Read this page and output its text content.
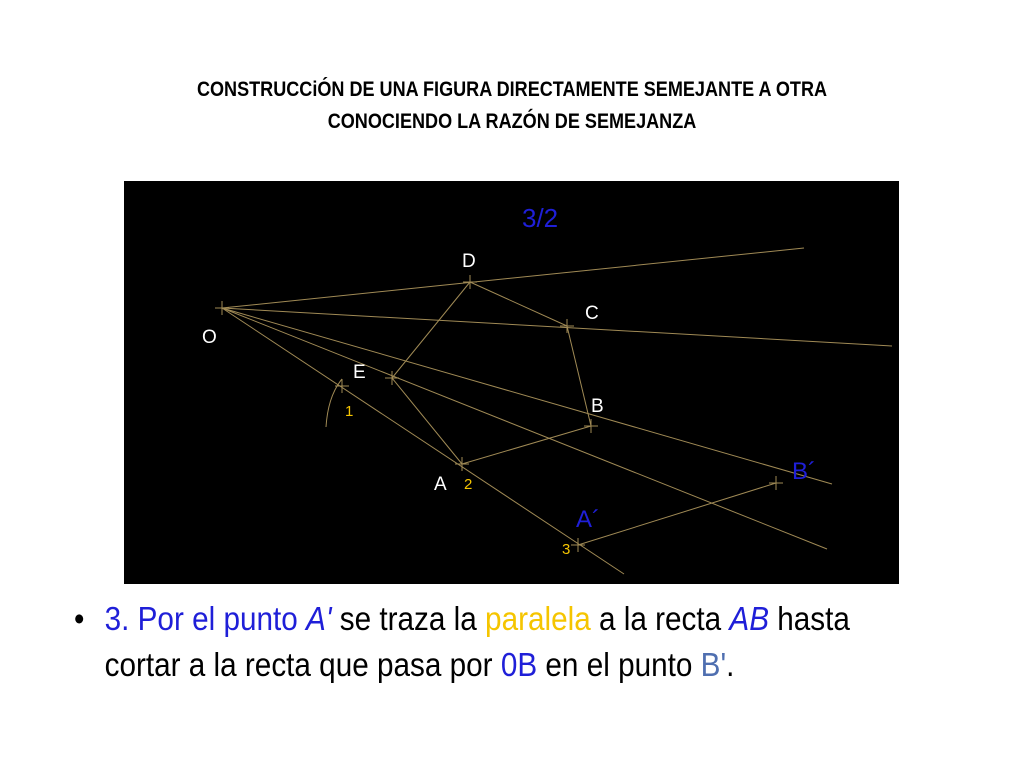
CONSTRUCCiÓN DE UNA FIGURA DIRECTAMENTE SEMEJANTE A OTRA
CONOCIENDO LA RAZÓN DE SEMEJANZA
3/2
D
C
O
E
B
1
B´
A 2
A´
3
• 3. Por el punto A' se traza la paralela a la recta AB hasta
cortar a la recta que pasa por 0B en el punto B'.
